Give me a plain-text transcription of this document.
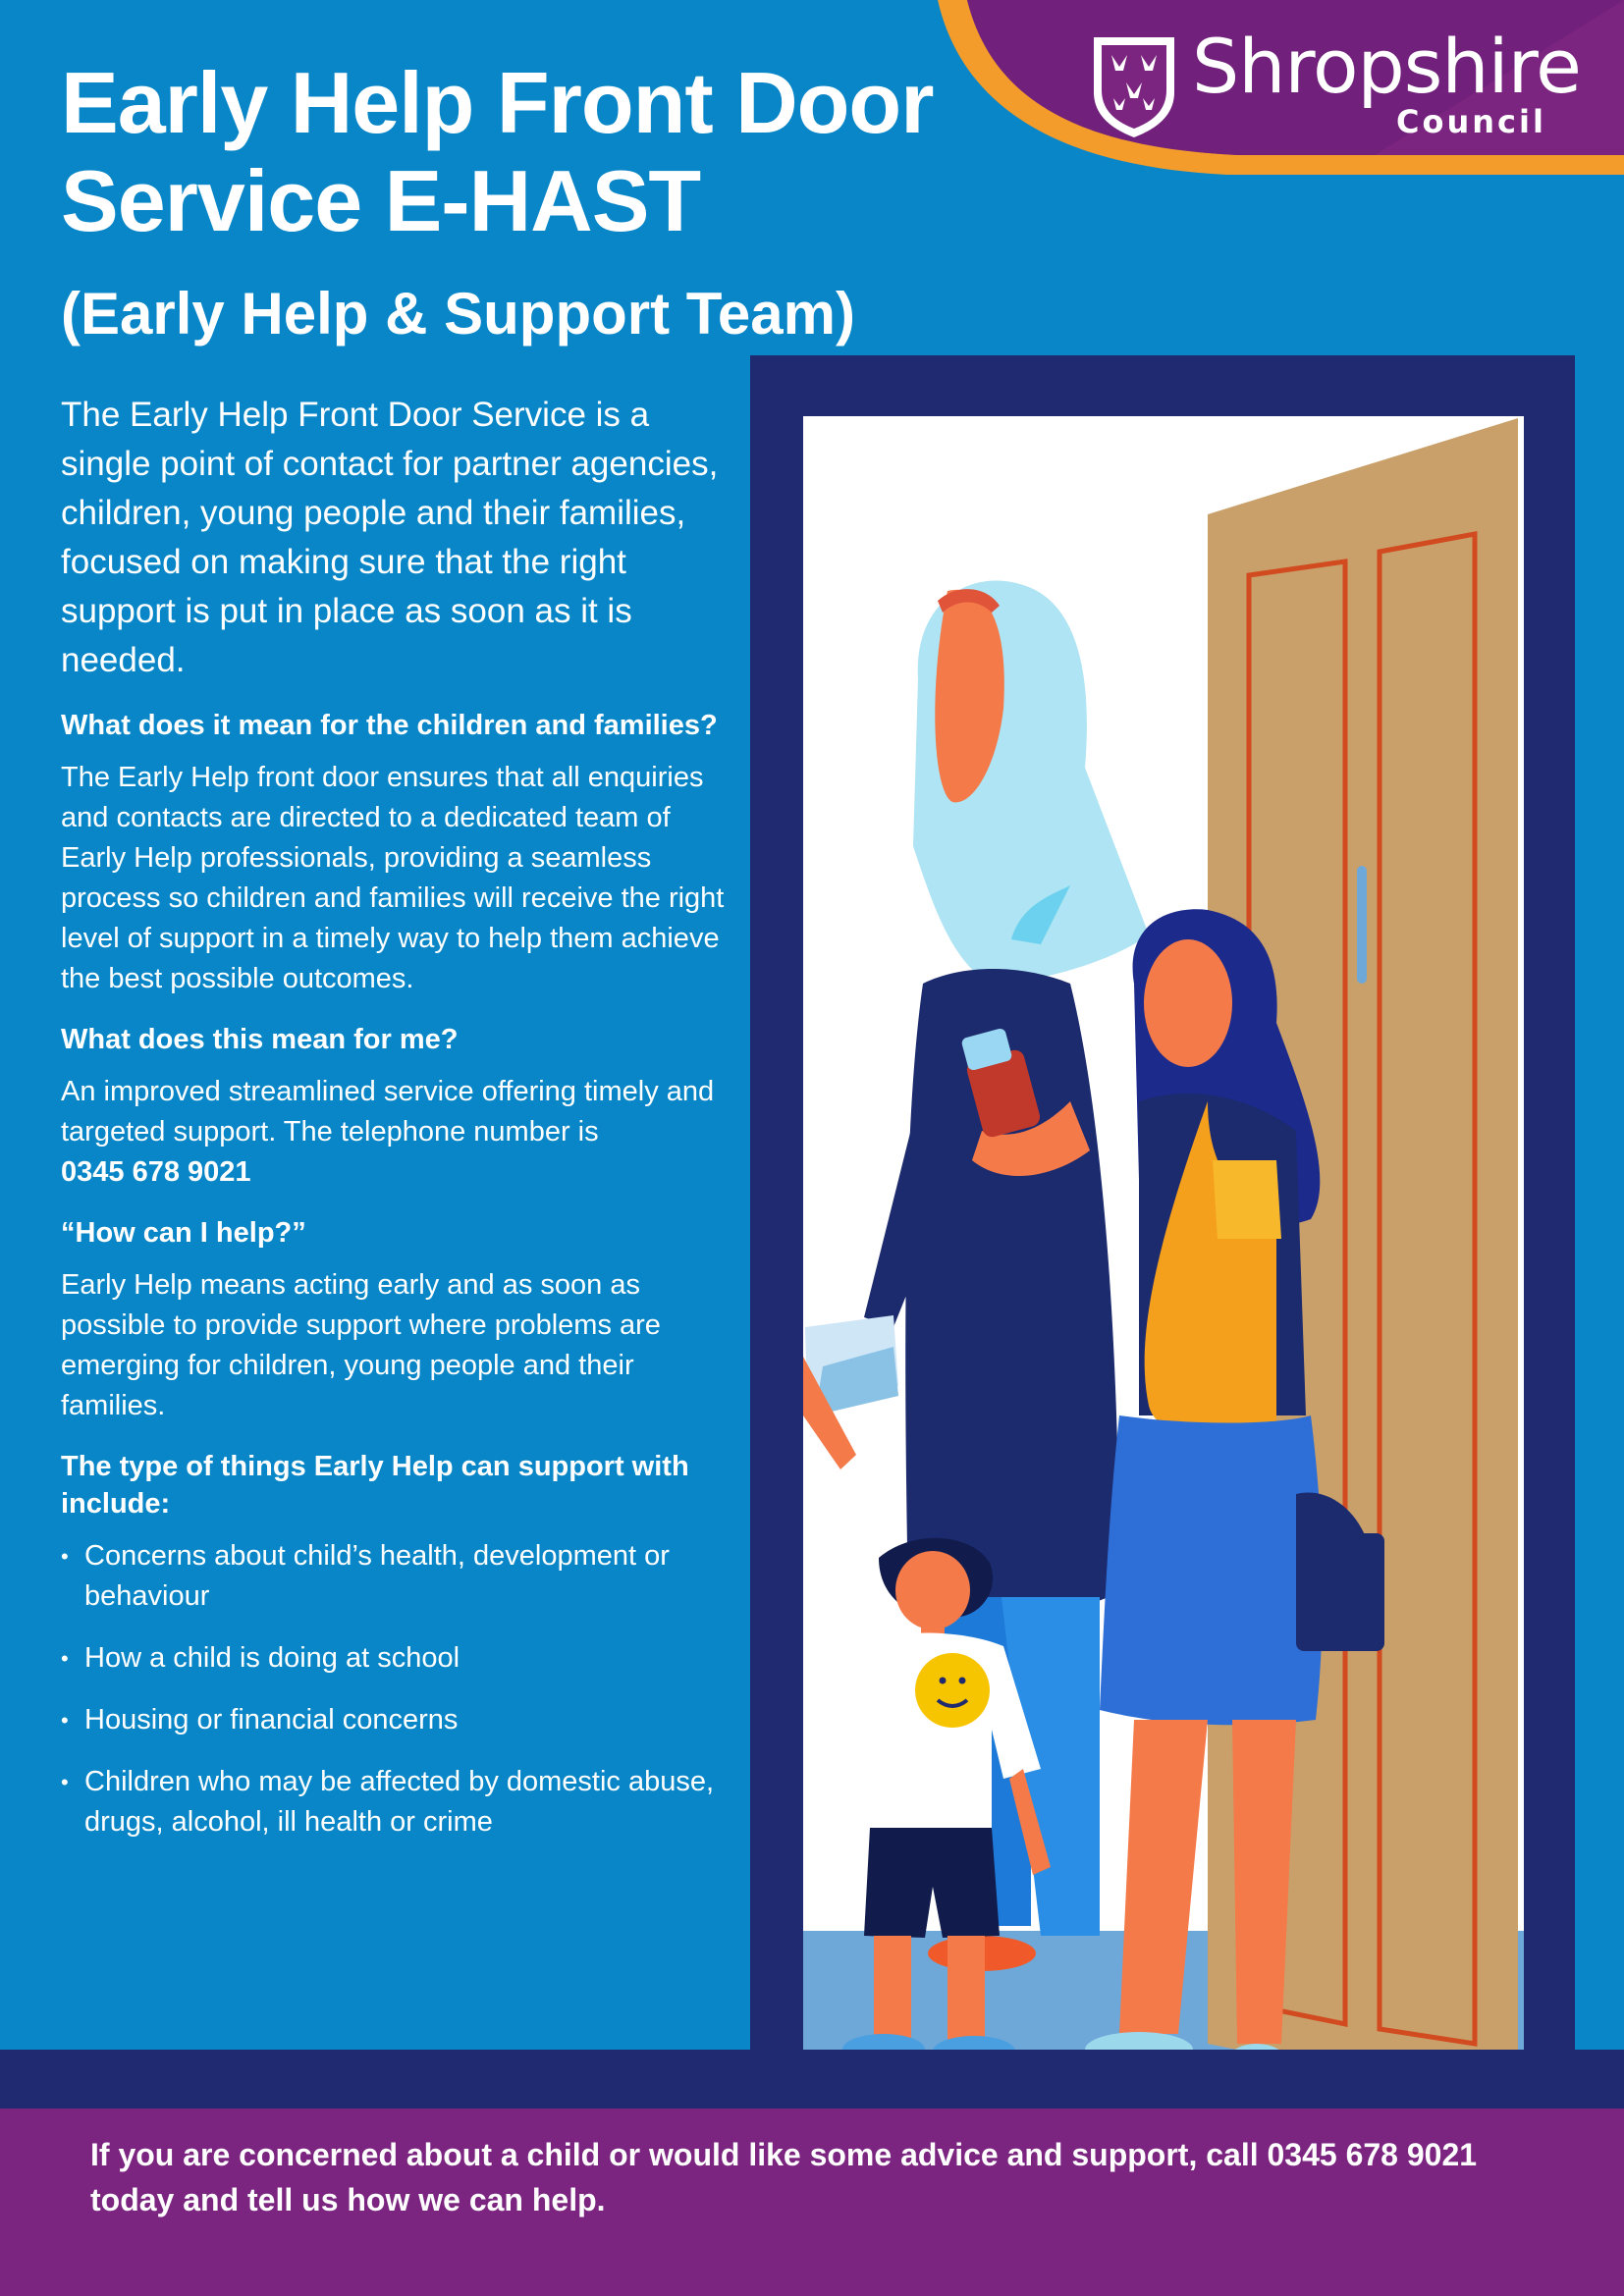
Shropshire
Council
Early Help Front Door
Service E-HAST
(Early Help & Support Team)

The Early Help Front Door Service is a single point of contact for partner agencies, children, young people and their families, focused on making sure that the right support is put in place as soon as it is needed.

What does it mean for the children and families?

The Early Help front door ensures that all enquiries and contacts are directed to a dedicated team of Early Help professionals, providing a seamless process so children and families will receive the right level of support in a timely way to help them achieve the best possible outcomes.

What does this mean for me?

An improved streamlined service offering timely and targeted support. The telephone number is
0345 678 9021

“How can I help?”

Early Help means acting early and as soon as possible to provide support where problems are emerging for children, young people and their families.

The type of things Early Help can support with include:
• Concerns about child’s health, development or behaviour
• How a child is doing at school
• Housing or financial concerns
• Children who may be affected by domestic abuse, drugs, alcohol, ill health or crime

If you are concerned about a child or would like some advice and support, call 0345 678 9021 today and tell us how we can help.
